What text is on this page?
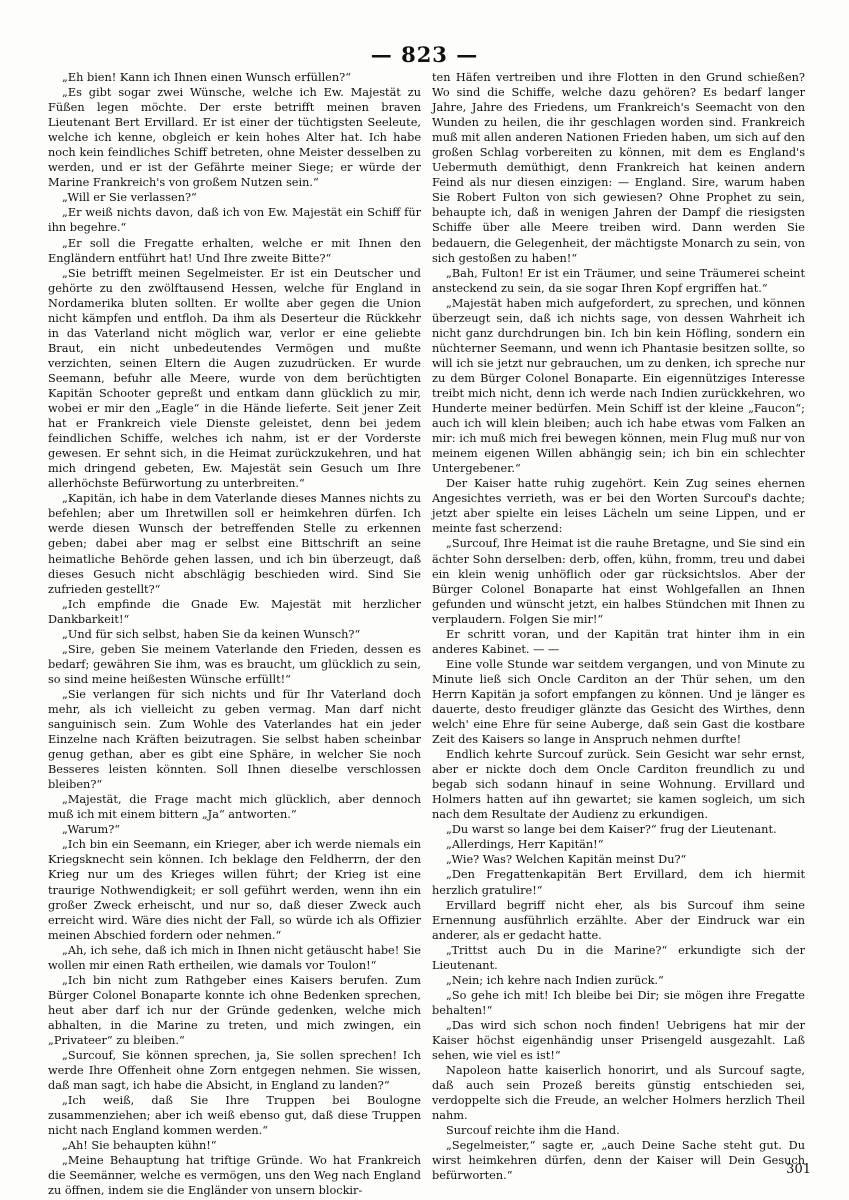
— 823 —

„Eh bien! Kann ich Ihnen einen Wunsch erfüllen?“

„Es gibt sogar zwei Wünsche, welche ich Ew. Majestät zu Füßen legen möchte. Der erste betrifft meinen braven Lieutenant Bert Ervillard. Er ist einer der tüchtigsten Seeleute, welche ich kenne, obgleich er kein hohes Alter hat. Ich habe noch kein feindliches Schiff betreten, ohne Meister desselben zu werden, und er ist der Gefährte meiner Siege; er würde der Marine Frankreich's von großem Nutzen sein.“

„Will er Sie verlassen?“

„Er weiß nichts davon, daß ich von Ew. Majestät ein Schiff für ihn begehre.“

„Er soll die Fregatte erhalten, welche er mit Ihnen den Engländern entführt hat! Und Ihre zweite Bitte?“

„Sie betrifft meinen Segelmeister. Er ist ein Deutscher und gehörte zu den zwölftausend Hessen, welche für England in Nordamerika bluten sollten. Er wollte aber gegen die Union nicht kämpfen und entfloh. Da ihm als Deserteur die Rückkehr in das Vaterland nicht möglich war, verlor er eine geliebte Braut, ein nicht unbedeutendes Vermögen und mußte verzichten, seinen Eltern die Augen zuzudrücken. Er wurde Seemann, befuhr alle Meere, wurde von dem berüchtigten Kapitän Schooter gepreßt und entkam dann glücklich zu mir, wobei er mir den „Eagle“ in die Hände lieferte. Seit jener Zeit hat er Frankreich viele Dienste geleistet, denn bei jedem feindlichen Schiffe, welches ich nahm, ist er der Vorderste gewesen. Er sehnt sich, in die Heimat zurückzukehren, und hat mich dringend gebeten, Ew. Majestät sein Gesuch um Ihre allerhöchste Befürwortung zu unterbreiten.“

„Kapitän, ich habe in dem Vaterlande dieses Mannes nichts zu befehlen; aber um Ihretwillen soll er heimkehren dürfen. Ich werde diesen Wunsch der betreffenden Stelle zu erkennen geben; dabei aber mag er selbst eine Bittschrift an seine heimatliche Behörde gehen lassen, und ich bin überzeugt, daß dieses Gesuch nicht abschlägig beschieden wird. Sind Sie zufrieden gestellt?“

„Ich empfinde die Gnade Ew. Majestät mit herzlicher Dankbarkeit!“

„Und für sich selbst, haben Sie da keinen Wunsch?“

„Sire, geben Sie meinem Vaterlande den Frieden, dessen es bedarf; gewähren Sie ihm, was es braucht, um glücklich zu sein, so sind meine heißesten Wünsche erfüllt!“

„Sie verlangen für sich nichts und für Ihr Vaterland doch mehr, als ich vielleicht zu geben vermag. Man darf nicht sanguinisch sein. Zum Wohle des Vaterlandes hat ein jeder Einzelne nach Kräften beizutragen. Sie selbst haben scheinbar genug gethan, aber es gibt eine Sphäre, in welcher Sie noch Besseres leisten könnten. Soll Ihnen dieselbe verschlossen bleiben?“

„Majestät, die Frage macht mich glücklich, aber dennoch muß ich mit einem bittern „Ja“ antworten.“

„Warum?“

„Ich bin ein Seemann, ein Krieger, aber ich werde niemals ein Kriegsknecht sein können. Ich beklage den Feldherrn, der den Krieg nur um des Krieges willen führt; der Krieg ist eine traurige Nothwendigkeit; er soll geführt werden, wenn ihn ein großer Zweck erheischt, und nur so, daß dieser Zweck auch erreicht wird. Wäre dies nicht der Fall, so würde ich als Offizier meinen Abschied fordern oder nehmen.“

„Ah, ich sehe, daß ich mich in Ihnen nicht getäuscht habe! Sie wollen mir einen Rath ertheilen, wie damals vor Toulon!“

„Ich bin nicht zum Rathgeber eines Kaisers berufen. Zum Bürger Colonel Bonaparte konnte ich ohne Bedenken sprechen, heut aber darf ich nur der Gründe gedenken, welche mich abhalten, in die Marine zu treten, und mich zwingen, ein „Privateer“ zu bleiben.“

„Surcouf, Sie können sprechen, ja, Sie sollen sprechen! Ich werde Ihre Offenheit ohne Zorn entgegen nehmen. Sie wissen, daß man sagt, ich habe die Absicht, in England zu landen?“

„Ich weiß, daß Sie Ihre Truppen bei Boulogne zusammenziehen; aber ich weiß ebenso gut, daß diese Truppen nicht nach England kommen werden.“

„Ah! Sie behaupten kühn!“

„Meine Behauptung hat triftige Gründe. Wo hat Frankreich die Seemänner, welche es vermögen, uns den Weg nach England zu öffnen, indem sie die Engländer von unsern blockir-

ten Häfen vertreiben und ihre Flotten in den Grund schießen? Wo sind die Schiffe, welche dazu gehören? Es bedarf langer Jahre, Jahre des Friedens, um Frankreich's Seemacht von den Wunden zu heilen, die ihr geschlagen worden sind. Frankreich muß mit allen anderen Nationen Frieden haben, um sich auf den großen Schlag vorbereiten zu können, mit dem es England's Uebermuth demüthigt, denn Frankreich hat keinen andern Feind als nur diesen einzigen: — England. Sire, warum haben Sie Robert Fulton von sich gewiesen? Ohne Prophet zu sein, behaupte ich, daß in wenigen Jahren der Dampf die riesigsten Schiffe über alle Meere treiben wird. Dann werden Sie bedauern, die Gelegenheit, der mächtigste Monarch zu sein, von sich gestoßen zu haben!“

„Bah, Fulton! Er ist ein Träumer, und seine Träumerei scheint ansteckend zu sein, da sie sogar Ihren Kopf ergriffen hat.“

„Majestät haben mich aufgefordert, zu sprechen, und können überzeugt sein, daß ich nichts sage, von dessen Wahrheit ich nicht ganz durchdrungen bin. Ich bin kein Höfling, sondern ein nüchterner Seemann, und wenn ich Phantasie besitzen sollte, so will ich sie jetzt nur gebrauchen, um zu denken, ich spreche nur zu dem Bürger Colonel Bonaparte. Ein eigennütziges Interesse treibt mich nicht, denn ich werde nach Indien zurückkehren, wo Hunderte meiner bedürfen. Mein Schiff ist der kleine „Faucon“; auch ich will klein bleiben; auch ich habe etwas vom Falken an mir: ich muß mich frei bewegen können, mein Flug muß nur von meinem eigenen Willen abhängig sein; ich bin ein schlechter Untergebener.“

Der Kaiser hatte ruhig zugehört. Kein Zug seines ehernen Angesichtes verrieth, was er bei den Worten Surcouf's dachte; jetzt aber spielte ein leises Lächeln um seine Lippen, und er meinte fast scherzend:

„Surcouf, Ihre Heimat ist die rauhe Bretagne, und Sie sind ein ächter Sohn derselben: derb, offen, kühn, fromm, treu und dabei ein klein wenig unhöflich oder gar rücksichtslos. Aber der Bürger Colonel Bonaparte hat einst Wohlgefallen an Ihnen gefunden und wünscht jetzt, ein halbes Stündchen mit Ihnen zu verplaudern. Folgen Sie mir!“

Er schritt voran, und der Kapitän trat hinter ihm in ein anderes Kabinet. — —

Eine volle Stunde war seitdem vergangen, und von Minute zu Minute ließ sich Oncle Carditon an der Thür sehen, um den Herrn Kapitän ja sofort empfangen zu können. Und je länger es dauerte, desto freudiger glänzte das Gesicht des Wirthes, denn welch' eine Ehre für seine Auberge, daß sein Gast die kostbare Zeit des Kaisers so lange in Anspruch nehmen durfte!

Endlich kehrte Surcouf zurück. Sein Gesicht war sehr ernst, aber er nickte doch dem Oncle Carditon freundlich zu und begab sich sodann hinauf in seine Wohnung. Ervillard und Holmers hatten auf ihn gewartet; sie kamen sogleich, um sich nach dem Resultate der Audienz zu erkundigen.

„Du warst so lange bei dem Kaiser?“ frug der Lieutenant.

„Allerdings, Herr Kapitän!“

„Wie? Was? Welchen Kapitän meinst Du?“

„Den Fregattenkapitän Bert Ervillard, dem ich hiermit herzlich gratulire!“

Ervillard begriff nicht eher, als bis Surcouf ihm seine Ernennung ausführlich erzählte. Aber der Eindruck war ein anderer, als er gedacht hatte.

„Trittst auch Du in die Marine?“ erkundigte sich der Lieutenant.

„Nein; ich kehre nach Indien zurück.“

„So gehe ich mit! Ich bleibe bei Dir; sie mögen ihre Fregatte behalten!“

„Das wird sich schon noch finden! Uebrigens hat mir der Kaiser höchst eigenhändig unser Prisengeld ausgezahlt. Laß sehen, wie viel es ist!“

Napoleon hatte kaiserlich honorirt, und als Surcouf sagte, daß auch sein Prozeß bereits günstig entschieden sei, verdoppelte sich die Freude, an welcher Holmers herzlich Theil nahm.

Surcouf reichte ihm die Hand.

„Segelmeister,“ sagte er, „auch Deine Sache steht gut. Du wirst heimkehren dürfen, denn der Kaiser will Dein Gesuch befürworten.“	301
